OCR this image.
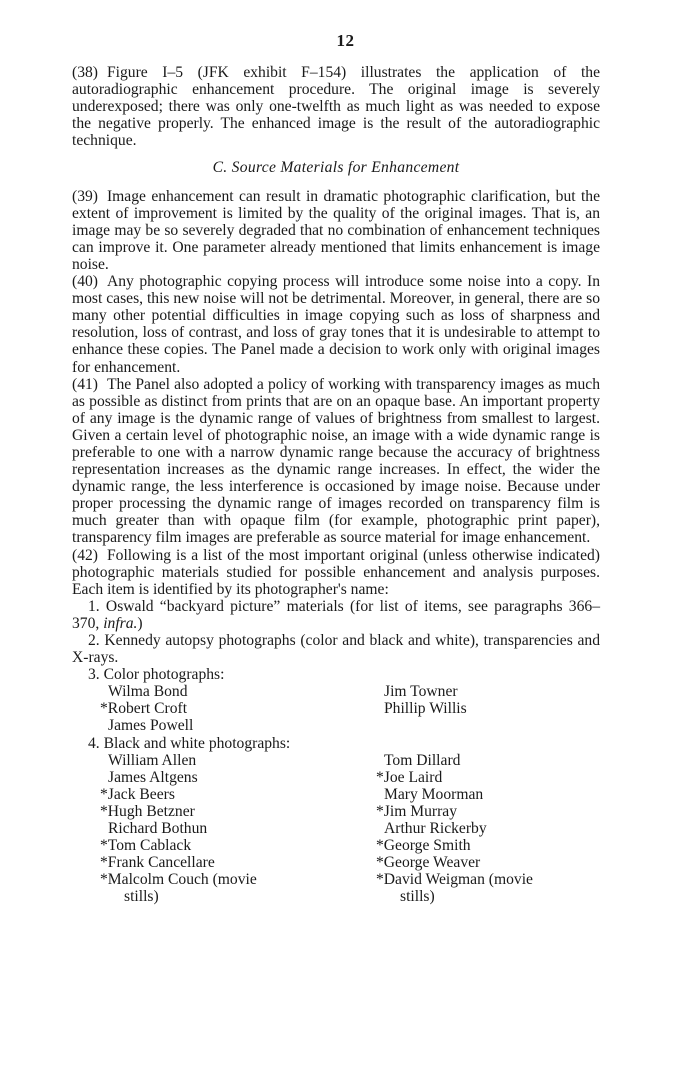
12

(38) Figure I–5 (JFK exhibit F–154) illustrates the application of the autoradiographic enhancement procedure. The original image is severely underexposed; there was only one-twelfth as much light as was needed to expose the negative properly. The enhanced image is the result of the autoradiographic technique.

C. Source Materials for Enhancement

(39) Image enhancement can result in dramatic photographic clarification, but the extent of improvement is limited by the quality of the original images. That is, an image may be so severely degraded that no combination of enhancement techniques can improve it. One parameter already mentioned that limits enhancement is image noise.

(40) Any photographic copying process will introduce some noise into a copy. In most cases, this new noise will not be detrimental. Moreover, in general, there are so many other potential difficulties in image copying such as loss of sharpness and resolution, loss of contrast, and loss of gray tones that it is undesirable to attempt to enhance these copies. The Panel made a decision to work only with original images for enhancement.

(41) The Panel also adopted a policy of working with transparency images as much as possible as distinct from prints that are on an opaque base. An important property of any image is the dynamic range of values of brightness from smallest to largest. Given a certain level of photographic noise, an image with a wide dynamic range is preferable to one with a narrow dynamic range because the accuracy of brightness representation increases as the dynamic range increases. In effect, the wider the dynamic range, the less interference is occasioned by image noise. Because under proper processing the dynamic range of images recorded on transparency film is much greater than with opaque film (for example, photographic print paper), transparency film images are preferable as source material for image enhancement.

(42) Following is a list of the most important original (unless otherwise indicated) photographic materials studied for possible enhancement and analysis purposes. Each item is identified by its photographer's name:

1. Oswald “backyard picture” materials (for list of items, see paragraphs 366–370, infra.)

2. Kennedy autopsy photographs (color and black and white), transparencies and X-rays.

3. Color photographs:
Wilma Bond
*Robert Croft
James Powell
Jim Towner
Phillip Willis
4. Black and white photographs:
William Allen
James Altgens
*Jack Beers
*Hugh Betzner
Richard Bothun
*Tom Cablack
*Frank Cancellare
*Malcolm Couch (movie
stills)
Tom Dillard
*Joe Laird
Mary Moorman
*Jim Murray
Arthur Rickerby
*George Smith
*George Weaver
*David Weigman (movie
stills)
